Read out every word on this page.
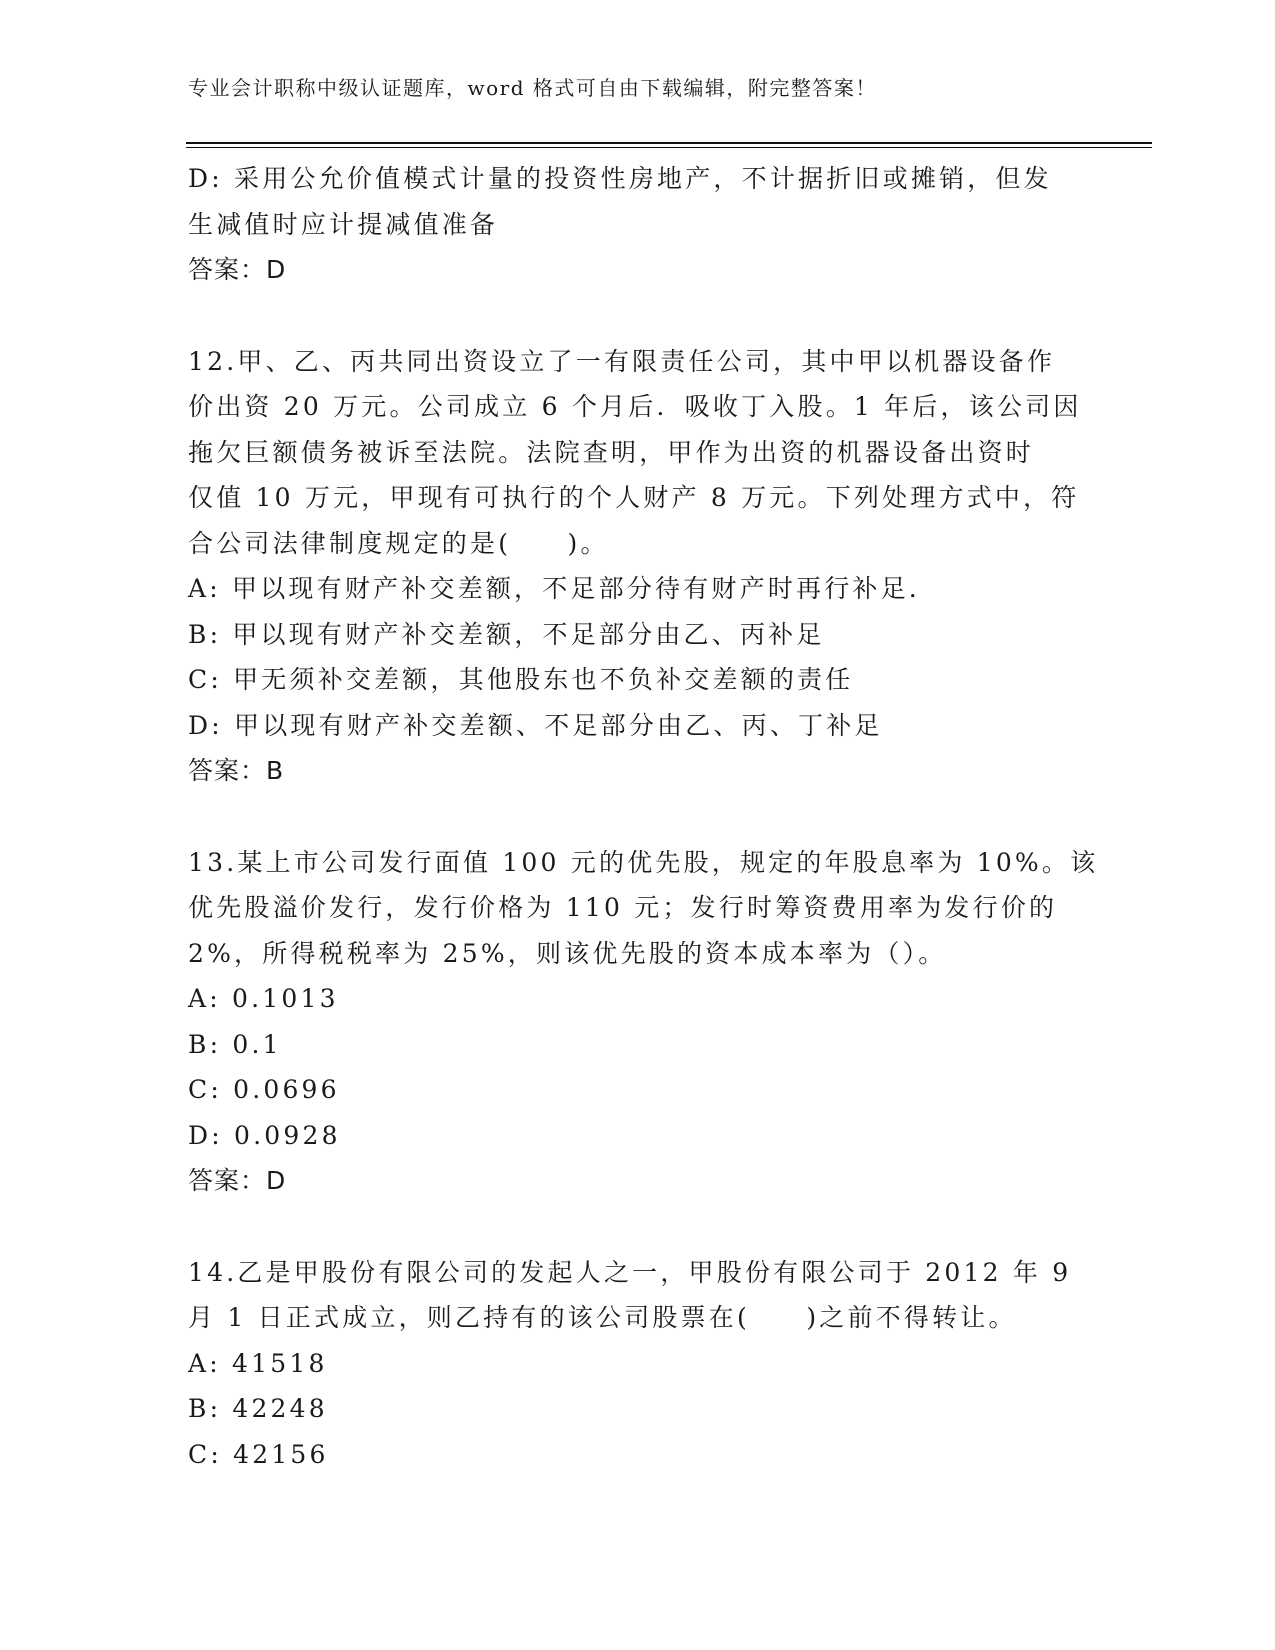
专业会计职称中级认证题库，word 格式可自由下载编辑，附完整答案！
D: 采用公允价值模式计量的投资性房地产，不计据折旧或摊销，但发
生减值时应计提减值准备
答案：D
12.甲、乙、丙共同出资设立了一有限责任公司，其中甲以机器设备作
价出资 20 万元。公司成立 6 个月后．吸收丁入股。1 年后，该公司因
拖欠巨额债务被诉至法院。法院查明，甲作为出资的机器设备出资时
仅值 10 万元，甲现有可执行的个人财产 8 万元。下列处理方式中，符
合公司法律制度规定的是(　　)。
A: 甲以现有财产补交差额，不足部分待有财产时再行补足．
B: 甲以现有财产补交差额，不足部分由乙、丙补足
C: 甲无须补交差额，其他股东也不负补交差额的责任
D: 甲以现有财产补交差额、不足部分由乙、丙、丁补足
答案：B
13.某上市公司发行面值 100 元的优先股，规定的年股息率为 10%。该
优先股溢价发行，发行价格为 110 元；发行时筹资费用率为发行价的
2%，所得税税率为 25%，则该优先股的资本成本率为（）。
A: 0.1013
B: 0.1
C: 0.0696
D: 0.0928
答案：D
14.乙是甲股份有限公司的发起人之一，甲股份有限公司于 2012 年 9
月 1 日正式成立，则乙持有的该公司股票在(　　)之前不得转让。
A: 41518
B: 42248
C: 42156
